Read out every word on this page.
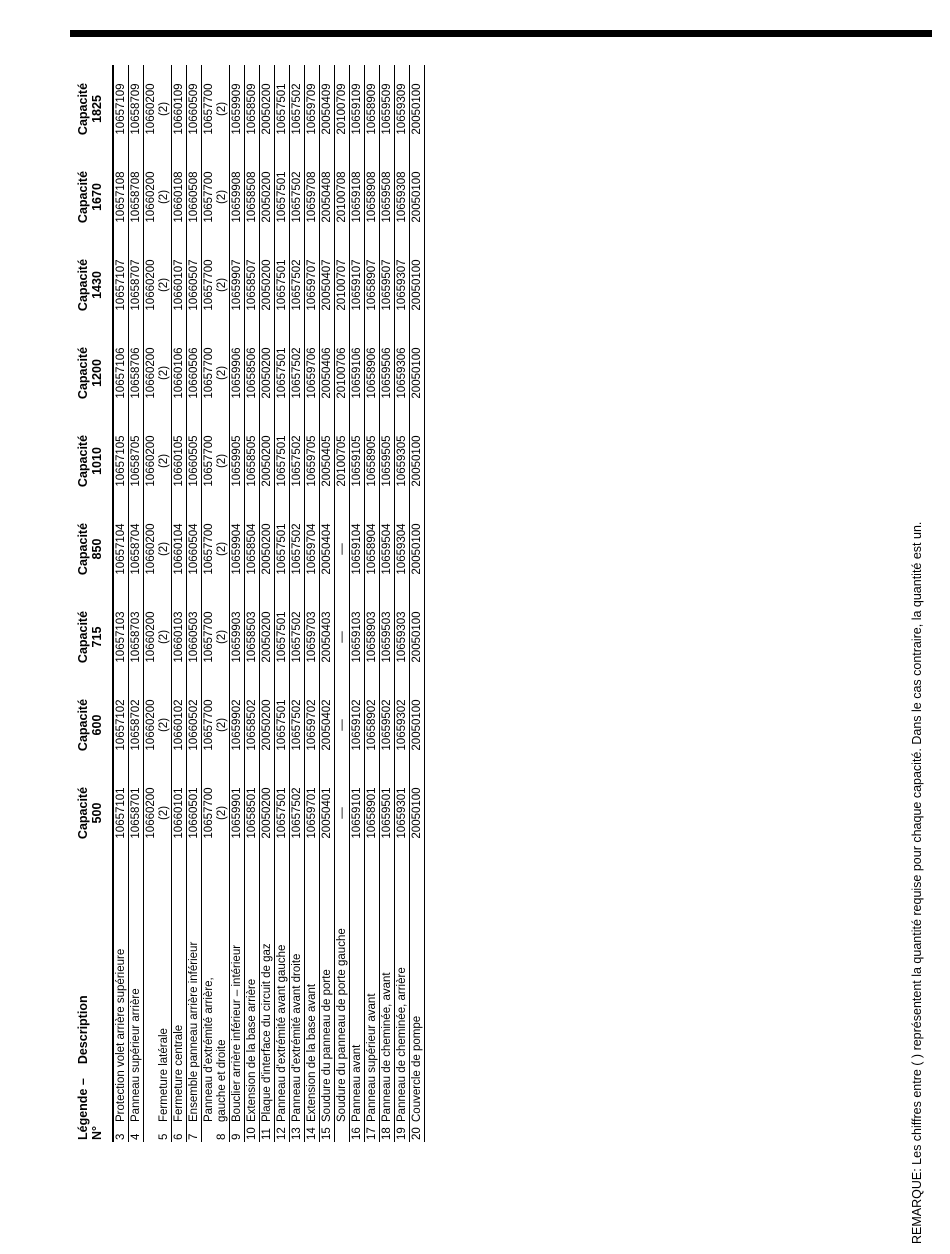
Légende –Description
N°		Capacité 500	Capacité 600	Capacité 715	Capacité 850	Capacité 1010	Capacité 1200	Capacité 1430	Capacité 1670	Capacité 1825

3	Protection volet arrière supérieure	10657101	10657102	10657103	10657104	10657105	10657106	10657107	10657108	10657109

4	Panneau supérieur arrière	10658701	10658702	10658703	10658704	10658705	10658706	10658707	10658708	10658709

5	Fermeture latérale	10660200 (2)	10660200 (2)	10660200 (2)	10660200 (2)	10660200 (2)	10660200 (2)	10660200 (2)	10660200 (2)	10660200 (2)

6	Fermeture centrale	10660101	10660102	10660103	10660104	10660105	10660106	10660107	10660108	10660109

7	Ensemble panneau arrière inférieur	10660501	10660502	10660503	10660504	10660505	10660506	10660507	10660508	10660509

8	Panneau d'extrémité arrière, gauche et droite	10657700 (2)	10657700 (2)	10657700 (2)	10657700 (2)	10657700 (2)	10657700 (2)	10657700 (2)	10657700 (2)	10657700 (2)

9	Bouclier arrière inférieur – intérieur	10659901	10659902	10659903	10659904	10659905	10659906	10659907	10659908	10659909

10	Extension de la base arrière	10658501	10658502	10658503	10658504	10658505	10658506	10658507	10658508	10658509

11	Plaque d'interface du circuit de gaz	20050200	20050200	20050200	20050200	20050200	20050200	20050200	20050200	20050200

12	Panneau d'extrémité avant gauche	10657501	10657501	10657501	10657501	10657501	10657501	10657501	10657501	10657501

13	Panneau d'extrémité avant droite	10657502	10657502	10657502	10657502	10657502	10657502	10657502	10657502	10657502

14	Extension de la base avant	10659701	10659702	10659703	10659704	10659705	10659706	10659707	10659708	10659709

15	Soudure du panneau de porte	20050401	20050402	20050403	20050404	20050405	20050406	20050407	20050408	20050409

	Soudure du panneau de porte gauche	—	—	—	—	20100705	20100706	20100707	20100708	20100709

16	Panneau avant	10659101	10659102	10659103	10659104	10659105	10659106	10659107	10659108	10659109

17	Panneau supérieur avant	10658901	10658902	10658903	10658904	10658905	10658906	10658907	10658908	10658909

18	Panneau de cheminée, avant	10659501	10659502	10659503	10659504	10659505	10659506	10659507	10659508	10659509

19	Panneau de cheminée, arrière	10659301	10659302	10659303	10659304	10659305	10659306	10659307	10659308	10659309

20	Couvercle de pompe	20050100	20050100	20050100	20050100	20050100	20050100	20050100	20050100	20050100
REMARQUE: Les chiffres entre ( ) représentent la quantité requise pour chaque capacité. Dans le cas contraire, la quantité est un.
